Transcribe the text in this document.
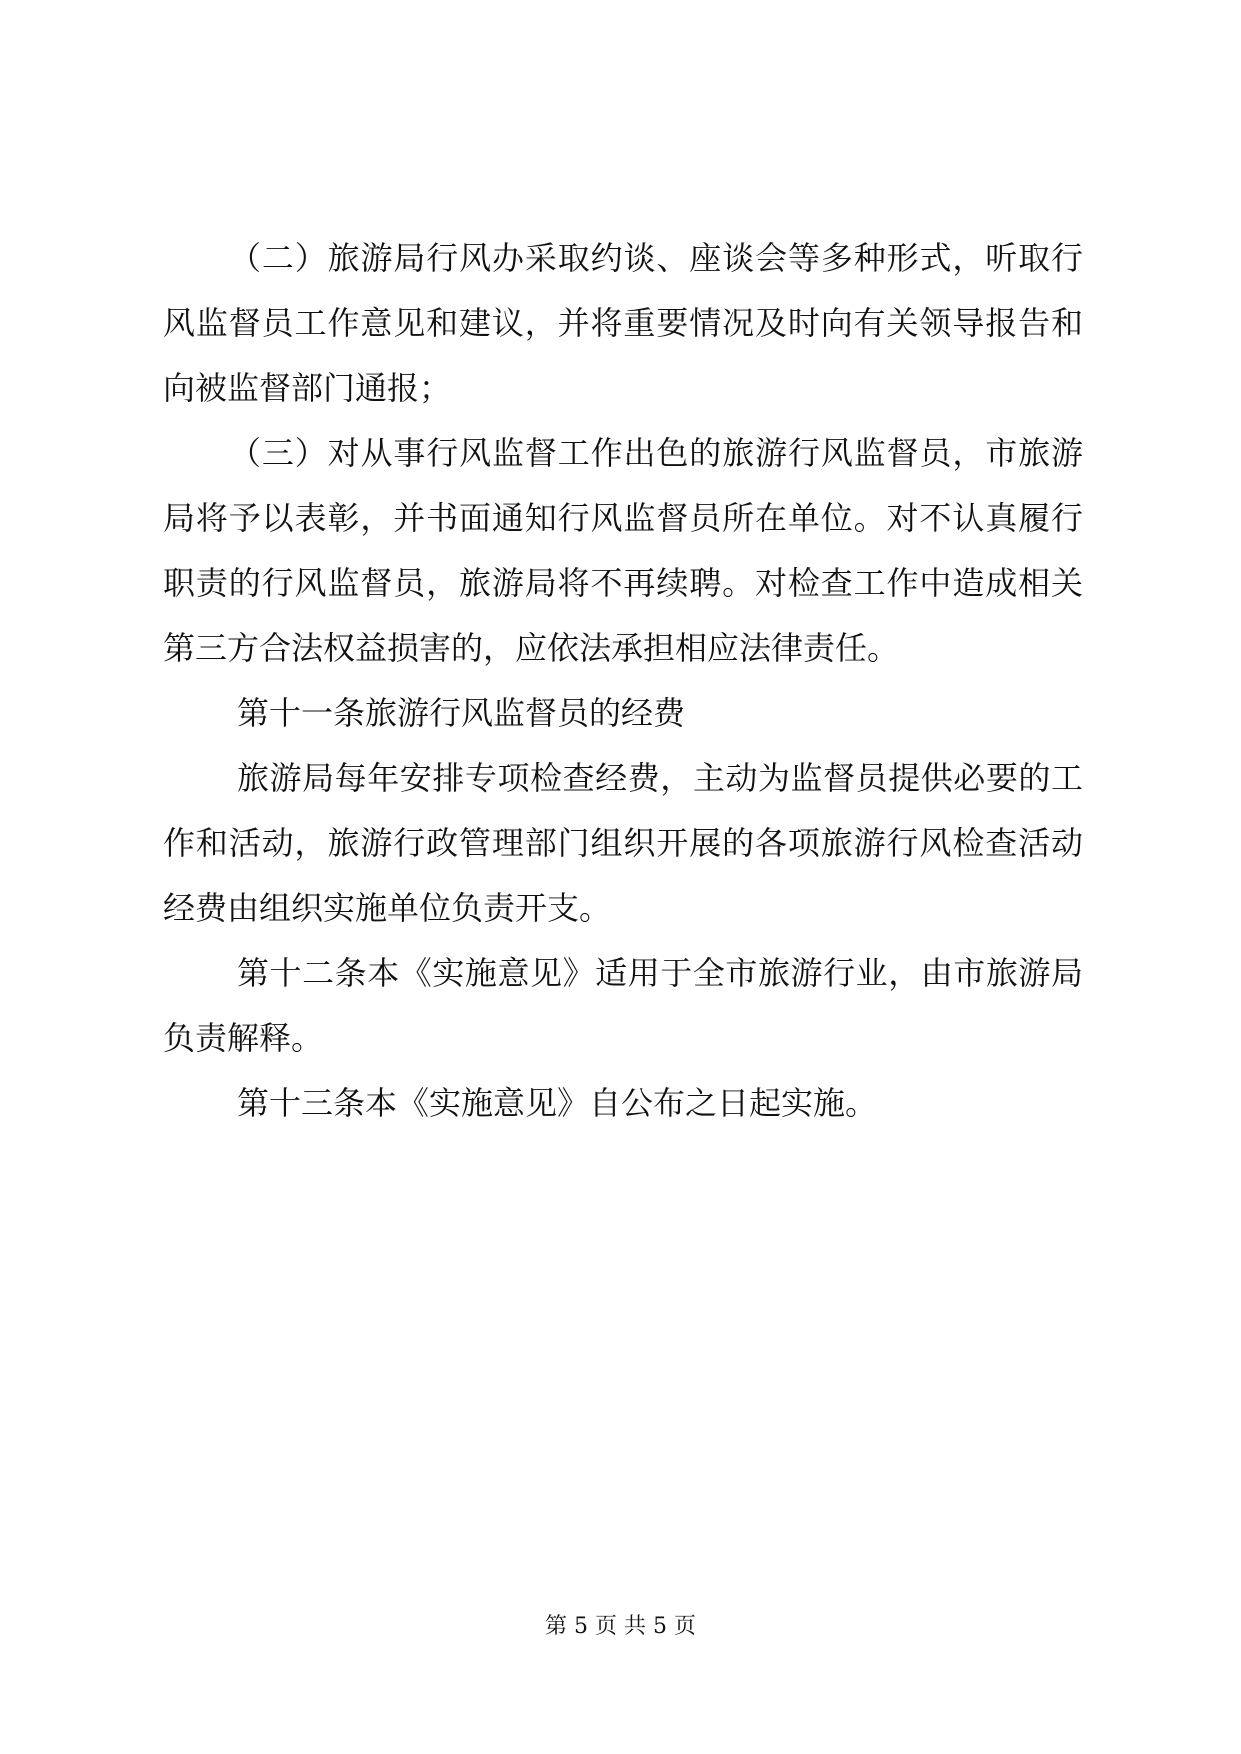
（二）旅游局行风办采取约谈、座谈会等多种形式，听取行
风监督员工作意见和建议，并将重要情况及时向有关领导报告和
向被监督部门通报；
（三）对从事行风监督工作出色的旅游行风监督员，市旅游
局将予以表彰，并书面通知行风监督员所在单位。对不认真履行
职责的行风监督员，旅游局将不再续聘。对检查工作中造成相关
第三方合法权益损害的，应依法承担相应法律责任。
第十一条旅游行风监督员的经费
旅游局每年安排专项检查经费，主动为监督员提供必要的工
作和活动，旅游行政管理部门组织开展的各项旅游行风检查活动
经费由组织实施单位负责开支。
第十二条本《实施意见》适用于全市旅游行业，由市旅游局
负责解释。
第十三条本《实施意见》自公布之日起实施。
第 5 页 共 5 页
